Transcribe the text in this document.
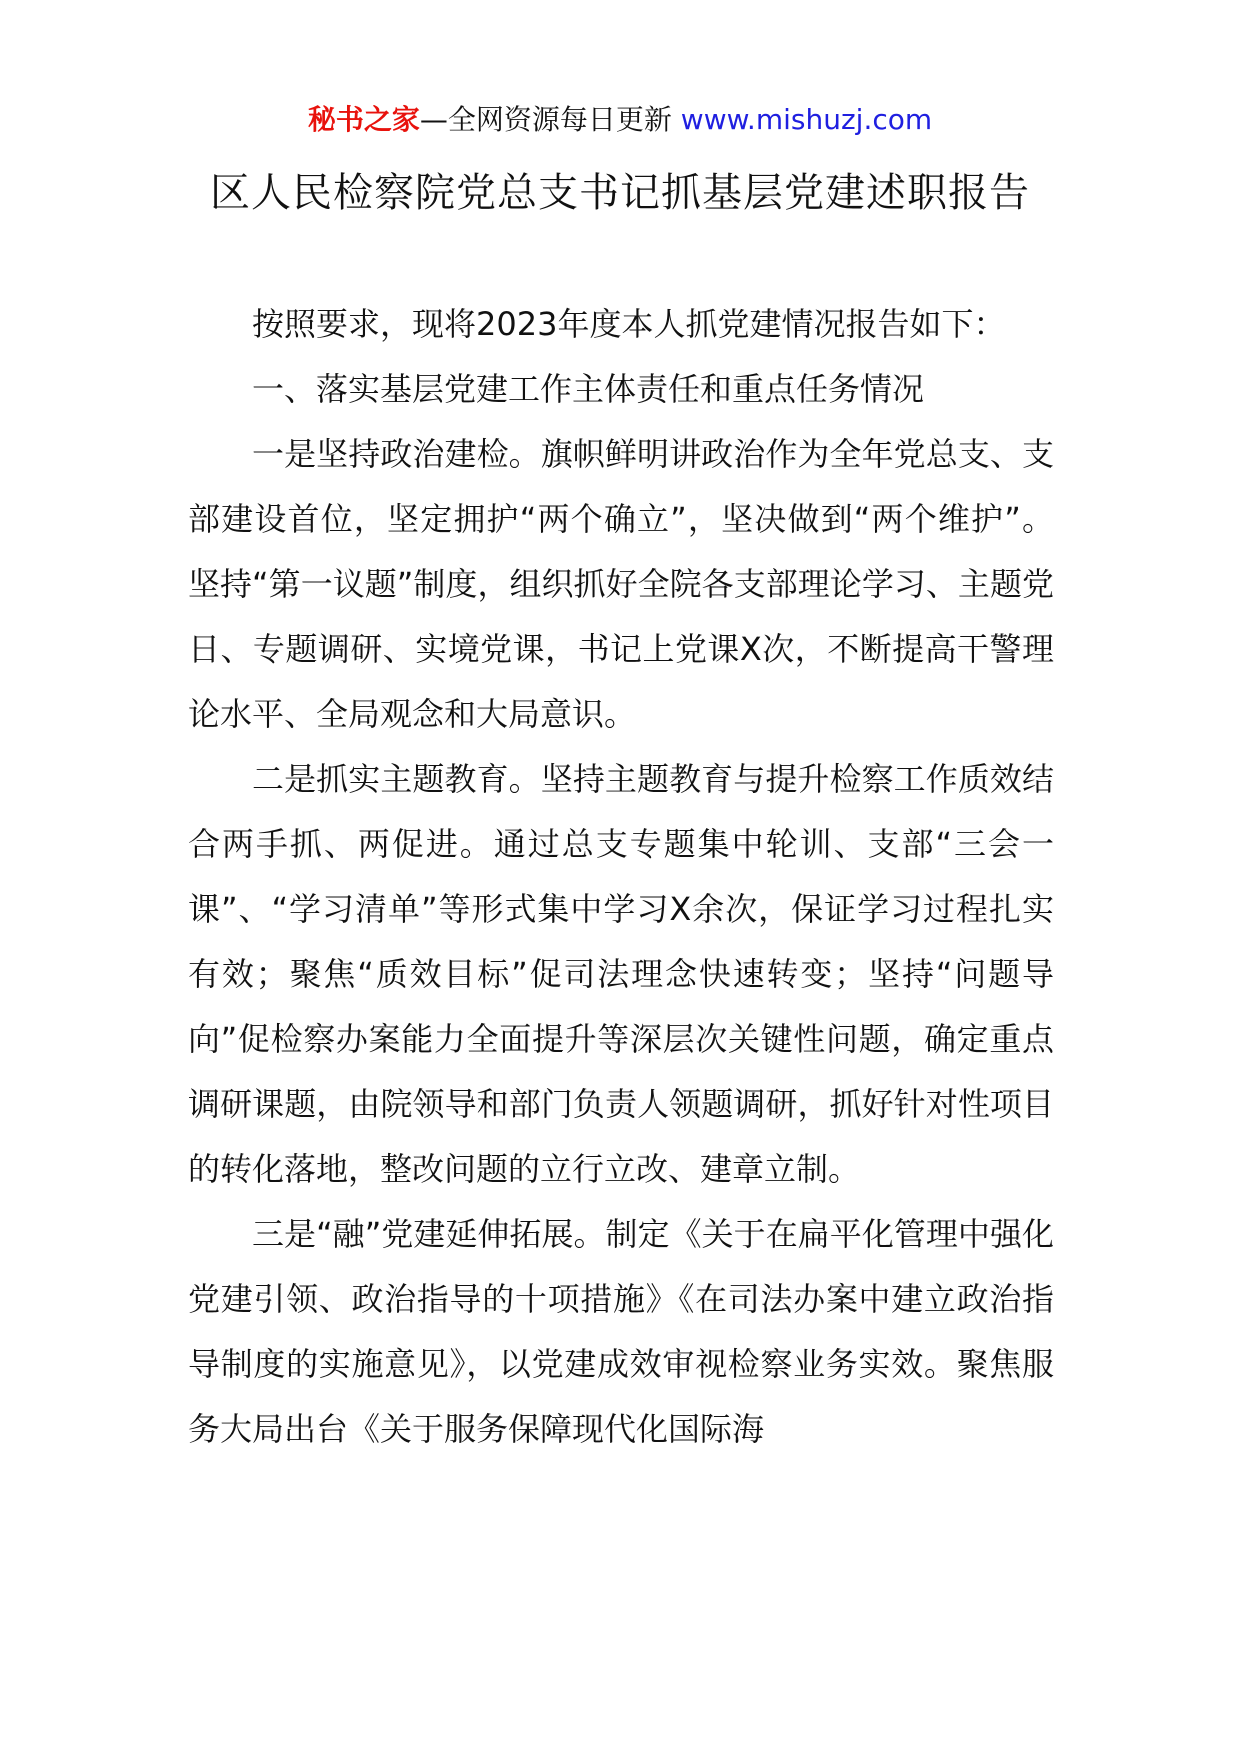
秘书之家—全网资源每日更新 www.mishuzj.com
区人民检察院党总支书记抓基层党建述职报告

按照要求，现将2023年度本人抓党建情况报告如下：

一、落实基层党建工作主体责任和重点任务情况

一是坚持政治建检。旗帜鲜明讲政治作为全年党总支、支部建设首位，坚定拥护“两个确立”，坚决做到“两个维护”。坚持“第一议题”制度，组织抓好全院各支部理论学习、主题党日、专题调研、实境党课，书记上党课X次，不断提高干警理论水平、全局观念和大局意识。

二是抓实主题教育。坚持主题教育与提升检察工作质效结合两手抓、两促进。通过总支专题集中轮训、支部“三会一课”、“学习清单”等形式集中学习X余次，保证学习过程扎实有效；聚焦“质效目标”促司法理念快速转变；坚持“问题导向”促检察办案能力全面提升等深层次关键性问题，确定重点调研课题，由院领导和部门负责人领题调研，抓好针对性项目的转化落地，整改问题的立行立改、建章立制。

三是“融”党建延伸拓展。制定《关于在扁平化管理中强化党建引领、政治指导的十项措施》《在司法办案中建立政治指导制度的实施意见》，以党建成效审视检察业务实效。聚焦服务大局出台《关于服务保障现代化国际海
